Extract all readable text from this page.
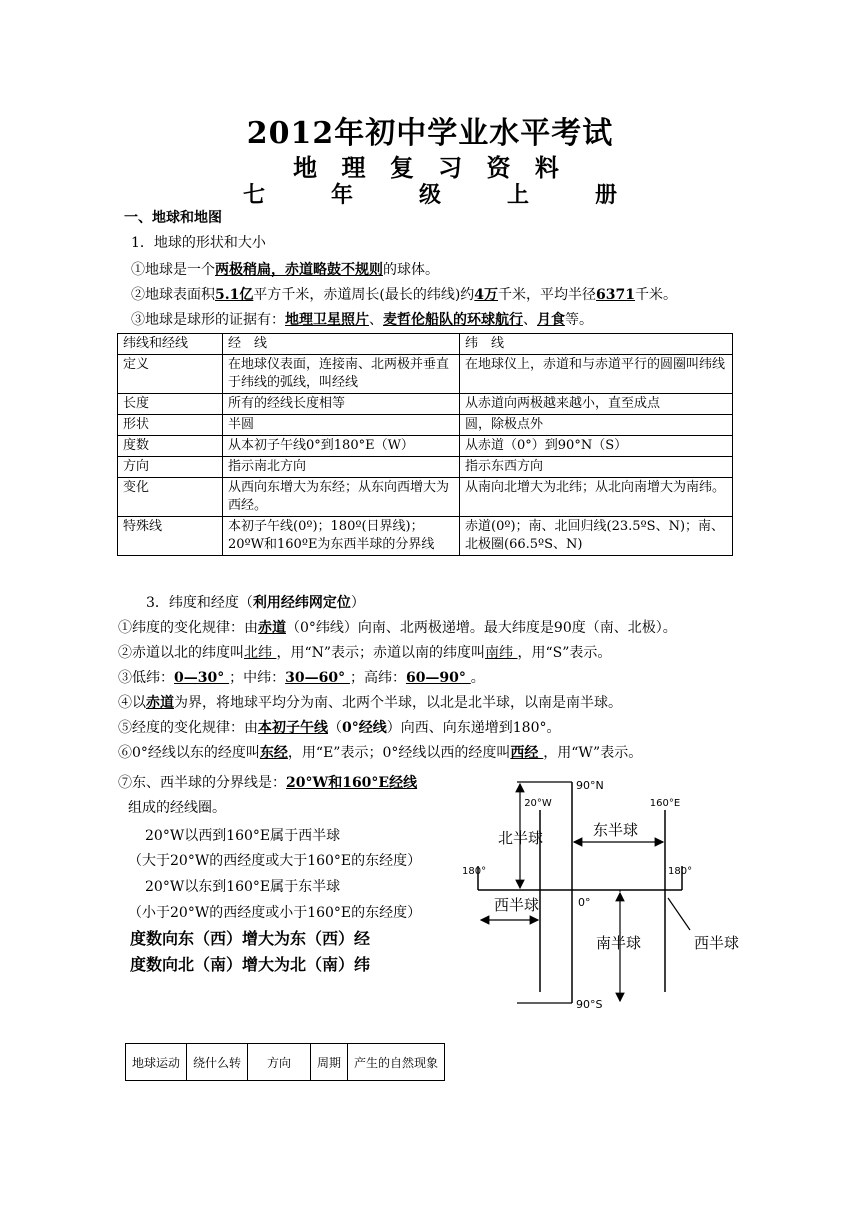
2012年初中学业水平考试
地 理 复 习 资 料
七	年	级	上	册
一、地球和地图
1．地球的形状和大小
①地球是一个两极稍扁，赤道略鼓不规则的球体。
②地球表面积5.1亿平方千米，赤道周长(最长的纬线)约4万千米，平均半径6371千米。
③地球是球形的证据有：地理卫星照片、麦哲伦船队的环球航行、月食等。
纬线和经线	经　线	纬　线
定义	在地球仪表面，连接南、北两极并垂直于纬线的弧线，叫经线	在地球仪上，赤道和与赤道平行的圆圈叫纬线
长度	所有的经线长度相等	从赤道向两极越来越小，直至成点
形状	半圆	圆，除极点外
度数	从本初子午线0°到180°E（W）	从赤道（0°）到90°N（S）
方向	指示南北方向	指示东西方向
变化	从西向东增大为东经；从东向西增大为西经。	从南向北增大为北纬；从北向南增大为南纬。
特殊线	本初子午线(0º)；180º(日界线)；20ºW和160ºE为东西半球的分界线	赤道(0º)；南、北回归线(23.5ºS、N)；南、北极圈(66.5ºS、N)
3．纬度和经度（利用经纬网定位）
①纬度的变化规律：由赤道（0°纬线）向南、北两极递增。最大纬度是90度（南、北极）。
②赤道以北的纬度叫北纬 ，用“N”表示；赤道以南的纬度叫南纬 ，用“S”表示。
③低纬：0—30° ；中纬：30—60° ；高纬：60—90° 。
④以赤道为界，将地球平均分为南、北两个半球，以北是北半球，以南是南半球。
⑤经度的变化规律：由本初子午线（0°经线）向西、向东递增到180°。
⑥0°经线以东的经度叫东经，用“E”表示；0°经线以西的经度叫西经 ，用“W”表示。
⑦东、西半球的分界线是：20°W和160°E经线
组成的经线圈。
20°W以西到160°E属于西半球
（大于20°W的西经度或大于160°E的东经度）
20°W以东到160°E属于东半球
（小于20°W的西经度或小于160°E的东经度）
度数向东（西）增大为东（西）经
度数向北（南）增大为北（南）纬
90°N
20°W	160°E
北半球	东半球
180°	180°
0°
西半球
南半球	西半球
90°S
地球运动	绕什么转	方向	周期	产生的自然现象
